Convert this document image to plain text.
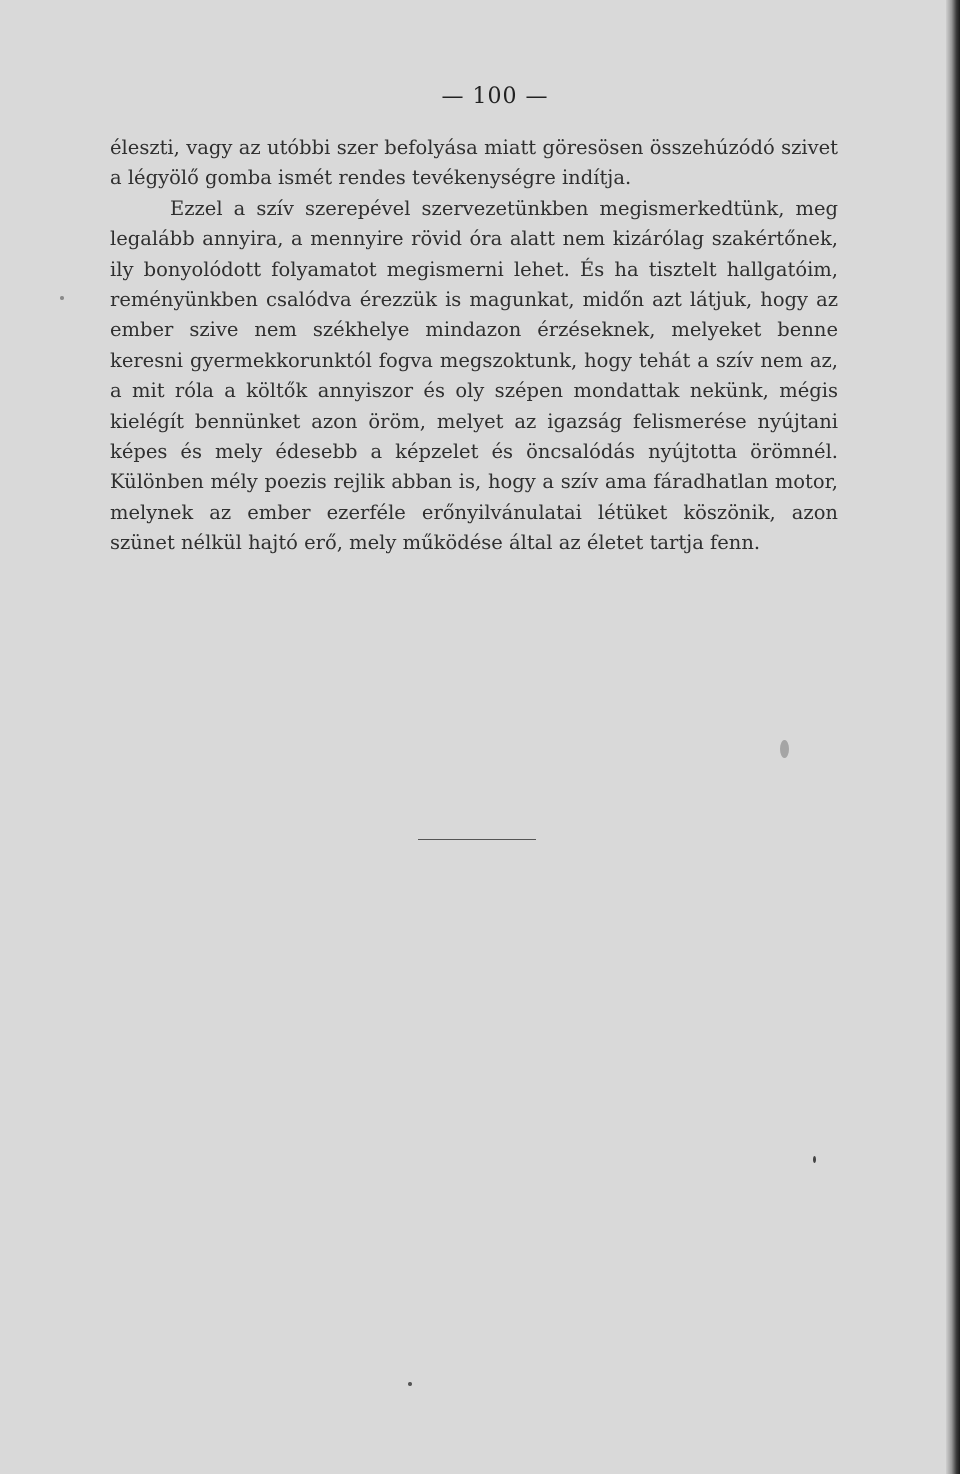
— 100 —

éleszti, vagy az utóbbi szer befolyása miatt göresösen összehúzódó szivet a légyölő gomba ismét rendes tevékenységre indítja.

Ezzel a szív szerepével szervezetünkben megismerkedtünk, meg legalább annyira, a mennyire rövid óra alatt nem kizárólag szakértőnek, ily bonyolódott folyamatot megismerni lehet. És ha tisztelt hallgatóim, reményünkben csalódva érezzük is magunkat, midőn azt látjuk, hogy az ember szive nem székhelye mindazon érzéseknek, melyeket benne keresni gyermekkorunktól fogva megszoktunk, hogy tehát a szív nem az, a mit róla a költők annyiszor és oly szépen mondattak nekünk, mégis kielégít bennünket azon öröm, melyet az igazság felismerése nyújtani képes és mely édesebb a képzelet és öncsalódás nyújtotta örömnél. Különben mély poezis rejlik abban is, hogy a szív ama fáradhatlan motor, melynek az ember ezerféle erőnyilvánulatai létüket köszönik, azon szünet nélkül hajtó erő, mely működése által az életet tartja fenn.
